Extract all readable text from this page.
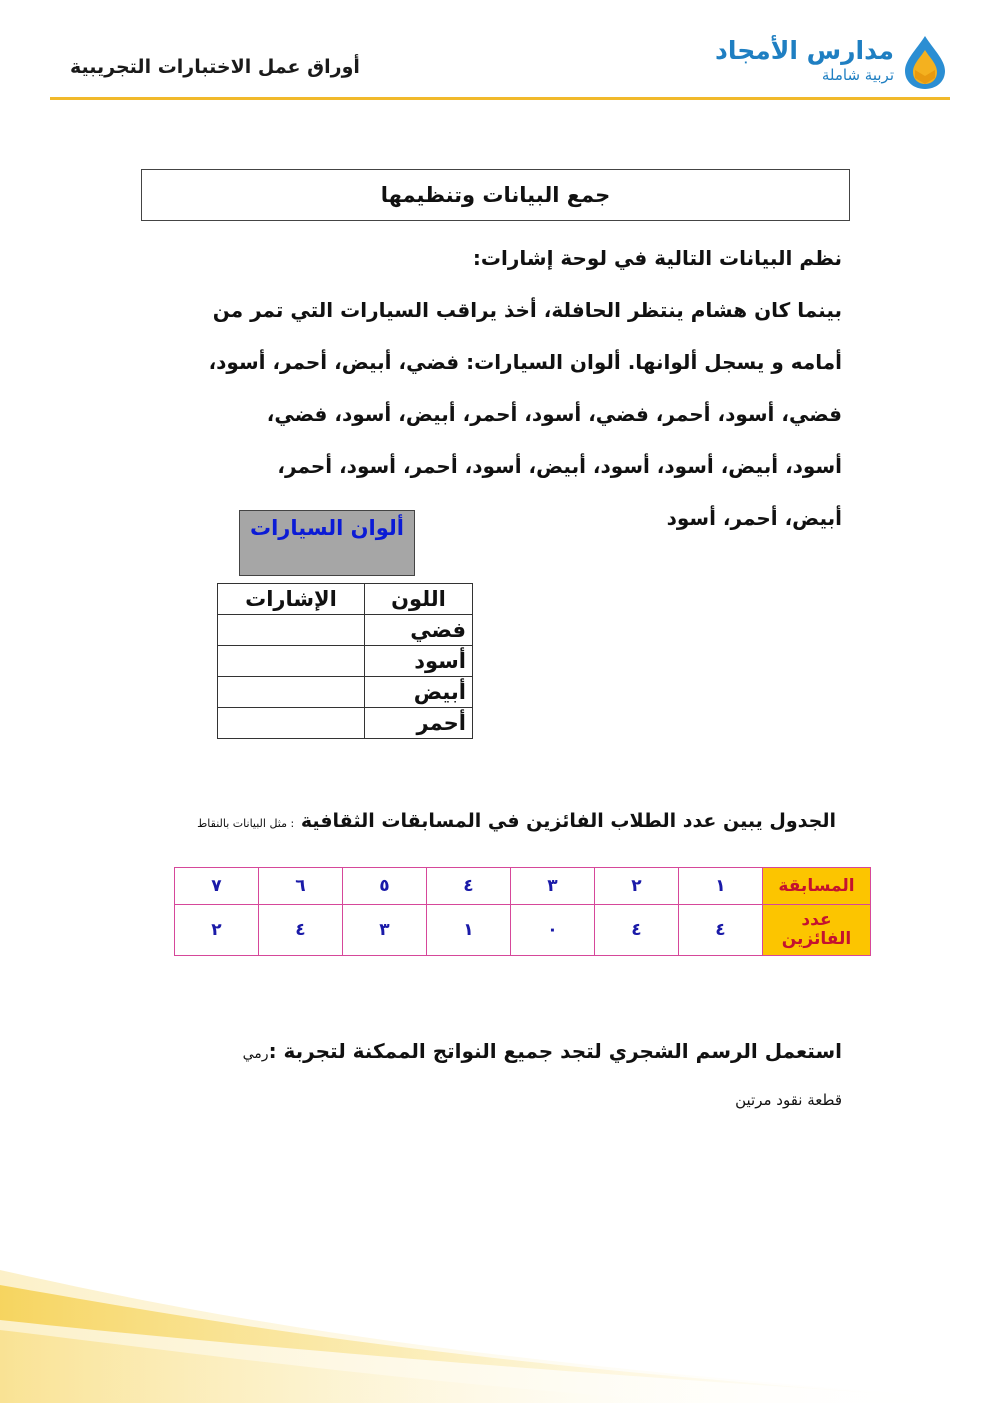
أوراق عمل الاختبارات التجريبية
مدارس الأمجاد
تربية شاملة
جمع البيانات وتنظيمها

نظم البيانات التالية في لوحة إشارات:

بينما كان هشام ينتظر الحافلة، أخذ يراقب السيارات التي تمر من

أمامه و يسجل ألوانها. ألوان السيارات: فضي، أبيض، أحمر، أسود،

فضي، أسود، أحمر، فضي، أسود، أحمر، أبيض، أسود، فضي،

أسود، أبيض، أسود، أسود، أبيض، أسود، أحمر، أسود، أحمر،

أبيض، أحمر، أسود

ألوان السيارات
اللون	الإشارات
فضي	
أسود	
أبيض	
أحمر	
الجدول يبين عدد الطلاب الفائزين في المسابقات الثقافية : مثل البيانات بالنقاط
المسابقة	١	٢	٣	٤	٥	٦	٧
عدد الفائزين	٤	٤	٠	١	٣	٤	٢
استعمل الرسم الشجري لتجد جميع النواتج الممكنة لتجربة :رمي
قطعة نقود مرتين
